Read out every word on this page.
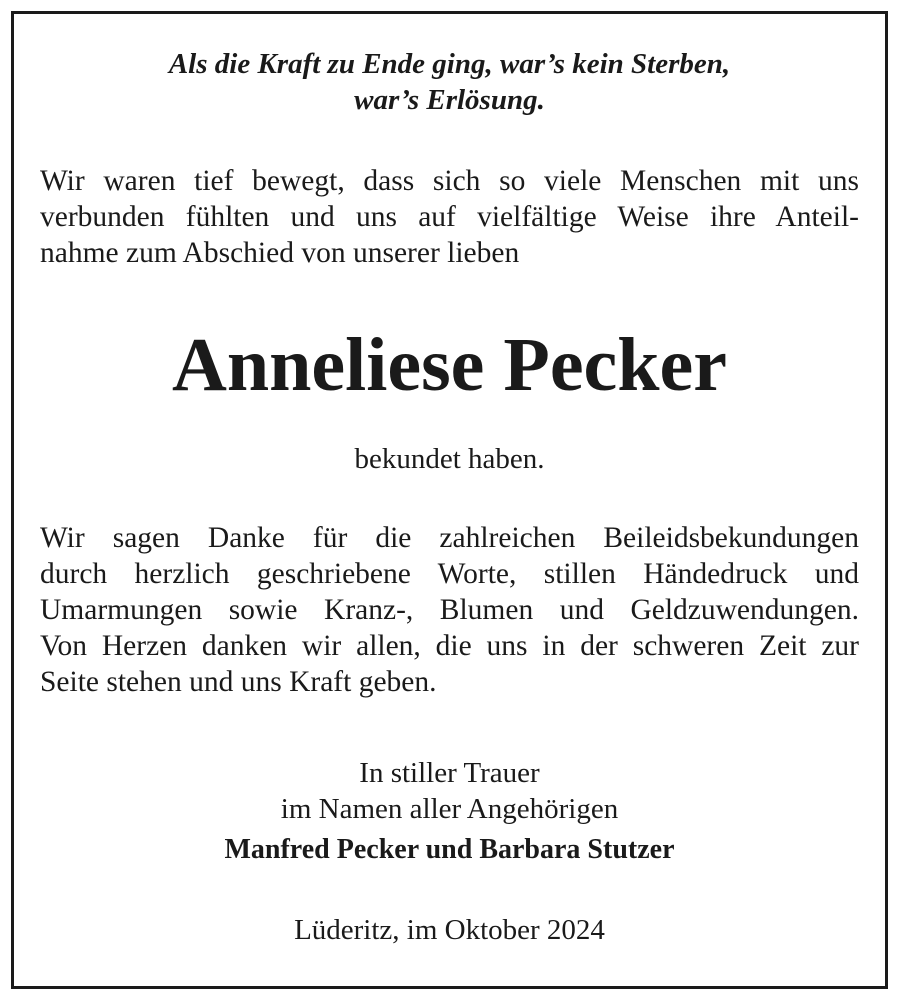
Als die Kraft zu Ende ging, war’s kein Sterben,
war’s Erlösung.
Wir waren tief bewegt, dass sich so viele Menschen mit uns
verbunden fühlten und uns auf vielfältige Weise ihre Anteil-
nahme zum Abschied von unserer lieben
Anneliese Pecker
bekundet haben.
Wir sagen Danke für die zahlreichen Beileidsbekundungen
durch herzlich geschriebene Worte, stillen Händedruck und
Umarmungen sowie Kranz-, Blumen und Geldzuwendungen.
Von Herzen danken wir allen, die uns in der schweren Zeit zur
Seite stehen und uns Kraft geben.
In stiller Trauer
im Namen aller Angehörigen
Manfred Pecker und Barbara Stutzer
Lüderitz, im Oktober 2024
